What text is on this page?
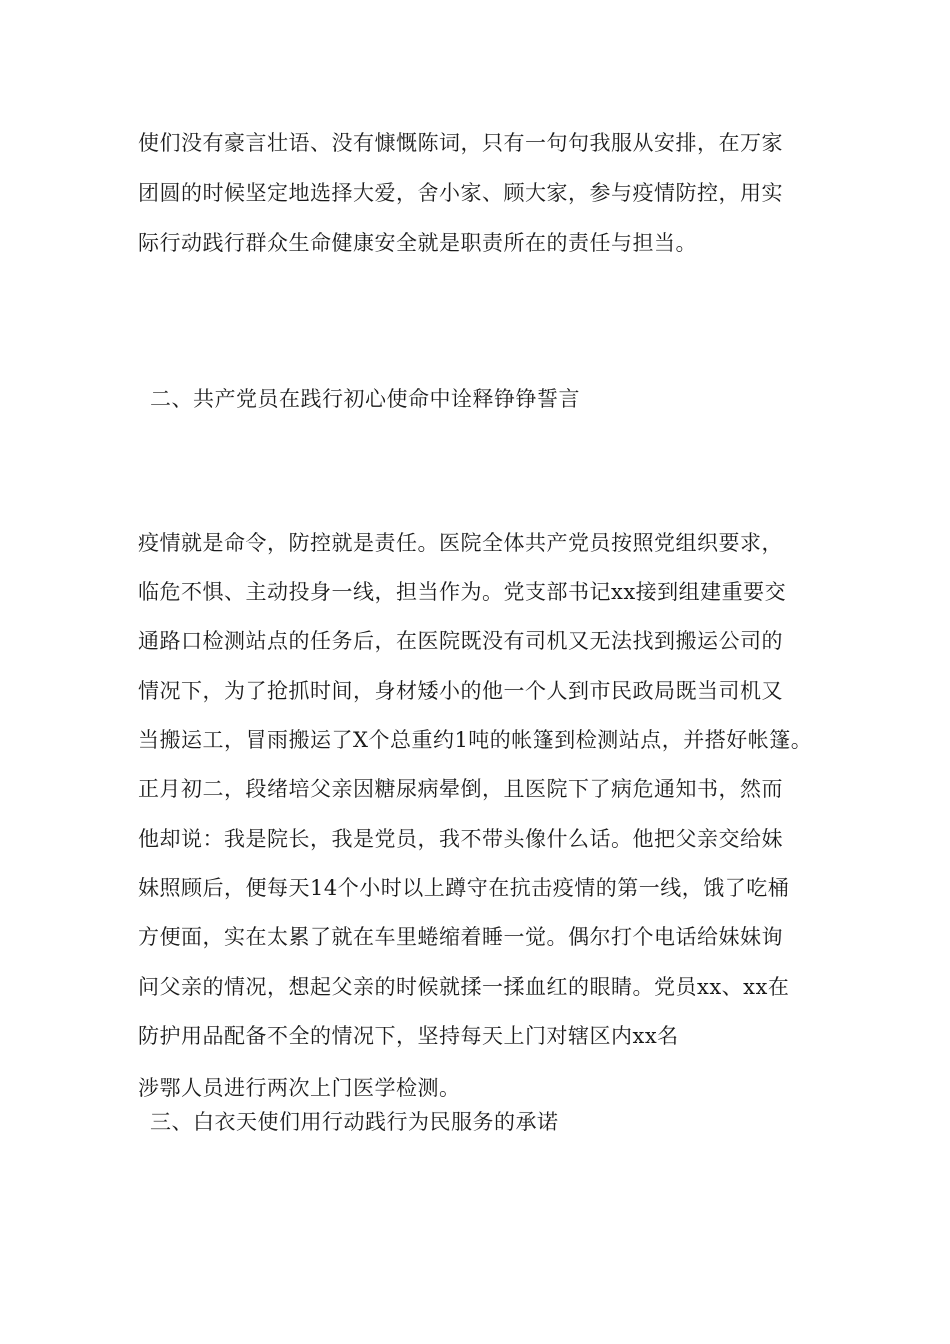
使们没有豪言壮语、没有慷慨陈词，只有一句句我服从安排，在万家
团圆的时候坚定地选择大爱，舍小家、顾大家，参与疫情防控，用实
际行动践行群众生命健康安全就是职责所在的责任与担当。
二、共产党员在践行初心使命中诠释铮铮誓言
疫情就是命令，防控就是责任。医院全体共产党员按照党组织要求，
临危不惧、主动投身一线，担当作为。党支部书记xx接到组建重要交
通路口检测站点的任务后，在医院既没有司机又无法找到搬运公司的
情况下，为了抢抓时间，身材矮小的他一个人到市民政局既当司机又
当搬运工，冒雨搬运了X个总重约1吨的帐篷到检测站点，并搭好帐篷。
正月初二，段绪培父亲因糖尿病晕倒，且医院下了病危通知书，然而
他却说：我是院长，我是党员，我不带头像什么话。他把父亲交给妹
妹照顾后，便每天14个小时以上蹲守在抗击疫情的第一线，饿了吃桶
方便面，实在太累了就在车里蜷缩着睡一觉。偶尔打个电话给妹妹询
问父亲的情况，想起父亲的时候就揉一揉血红的眼睛。党员xx、xx在
防护用品配备不全的情况下，坚持每天上门对辖区内xx名
涉鄂人员进行两次上门医学检测。
三、白衣天使们用行动践行为民服务的承诺
